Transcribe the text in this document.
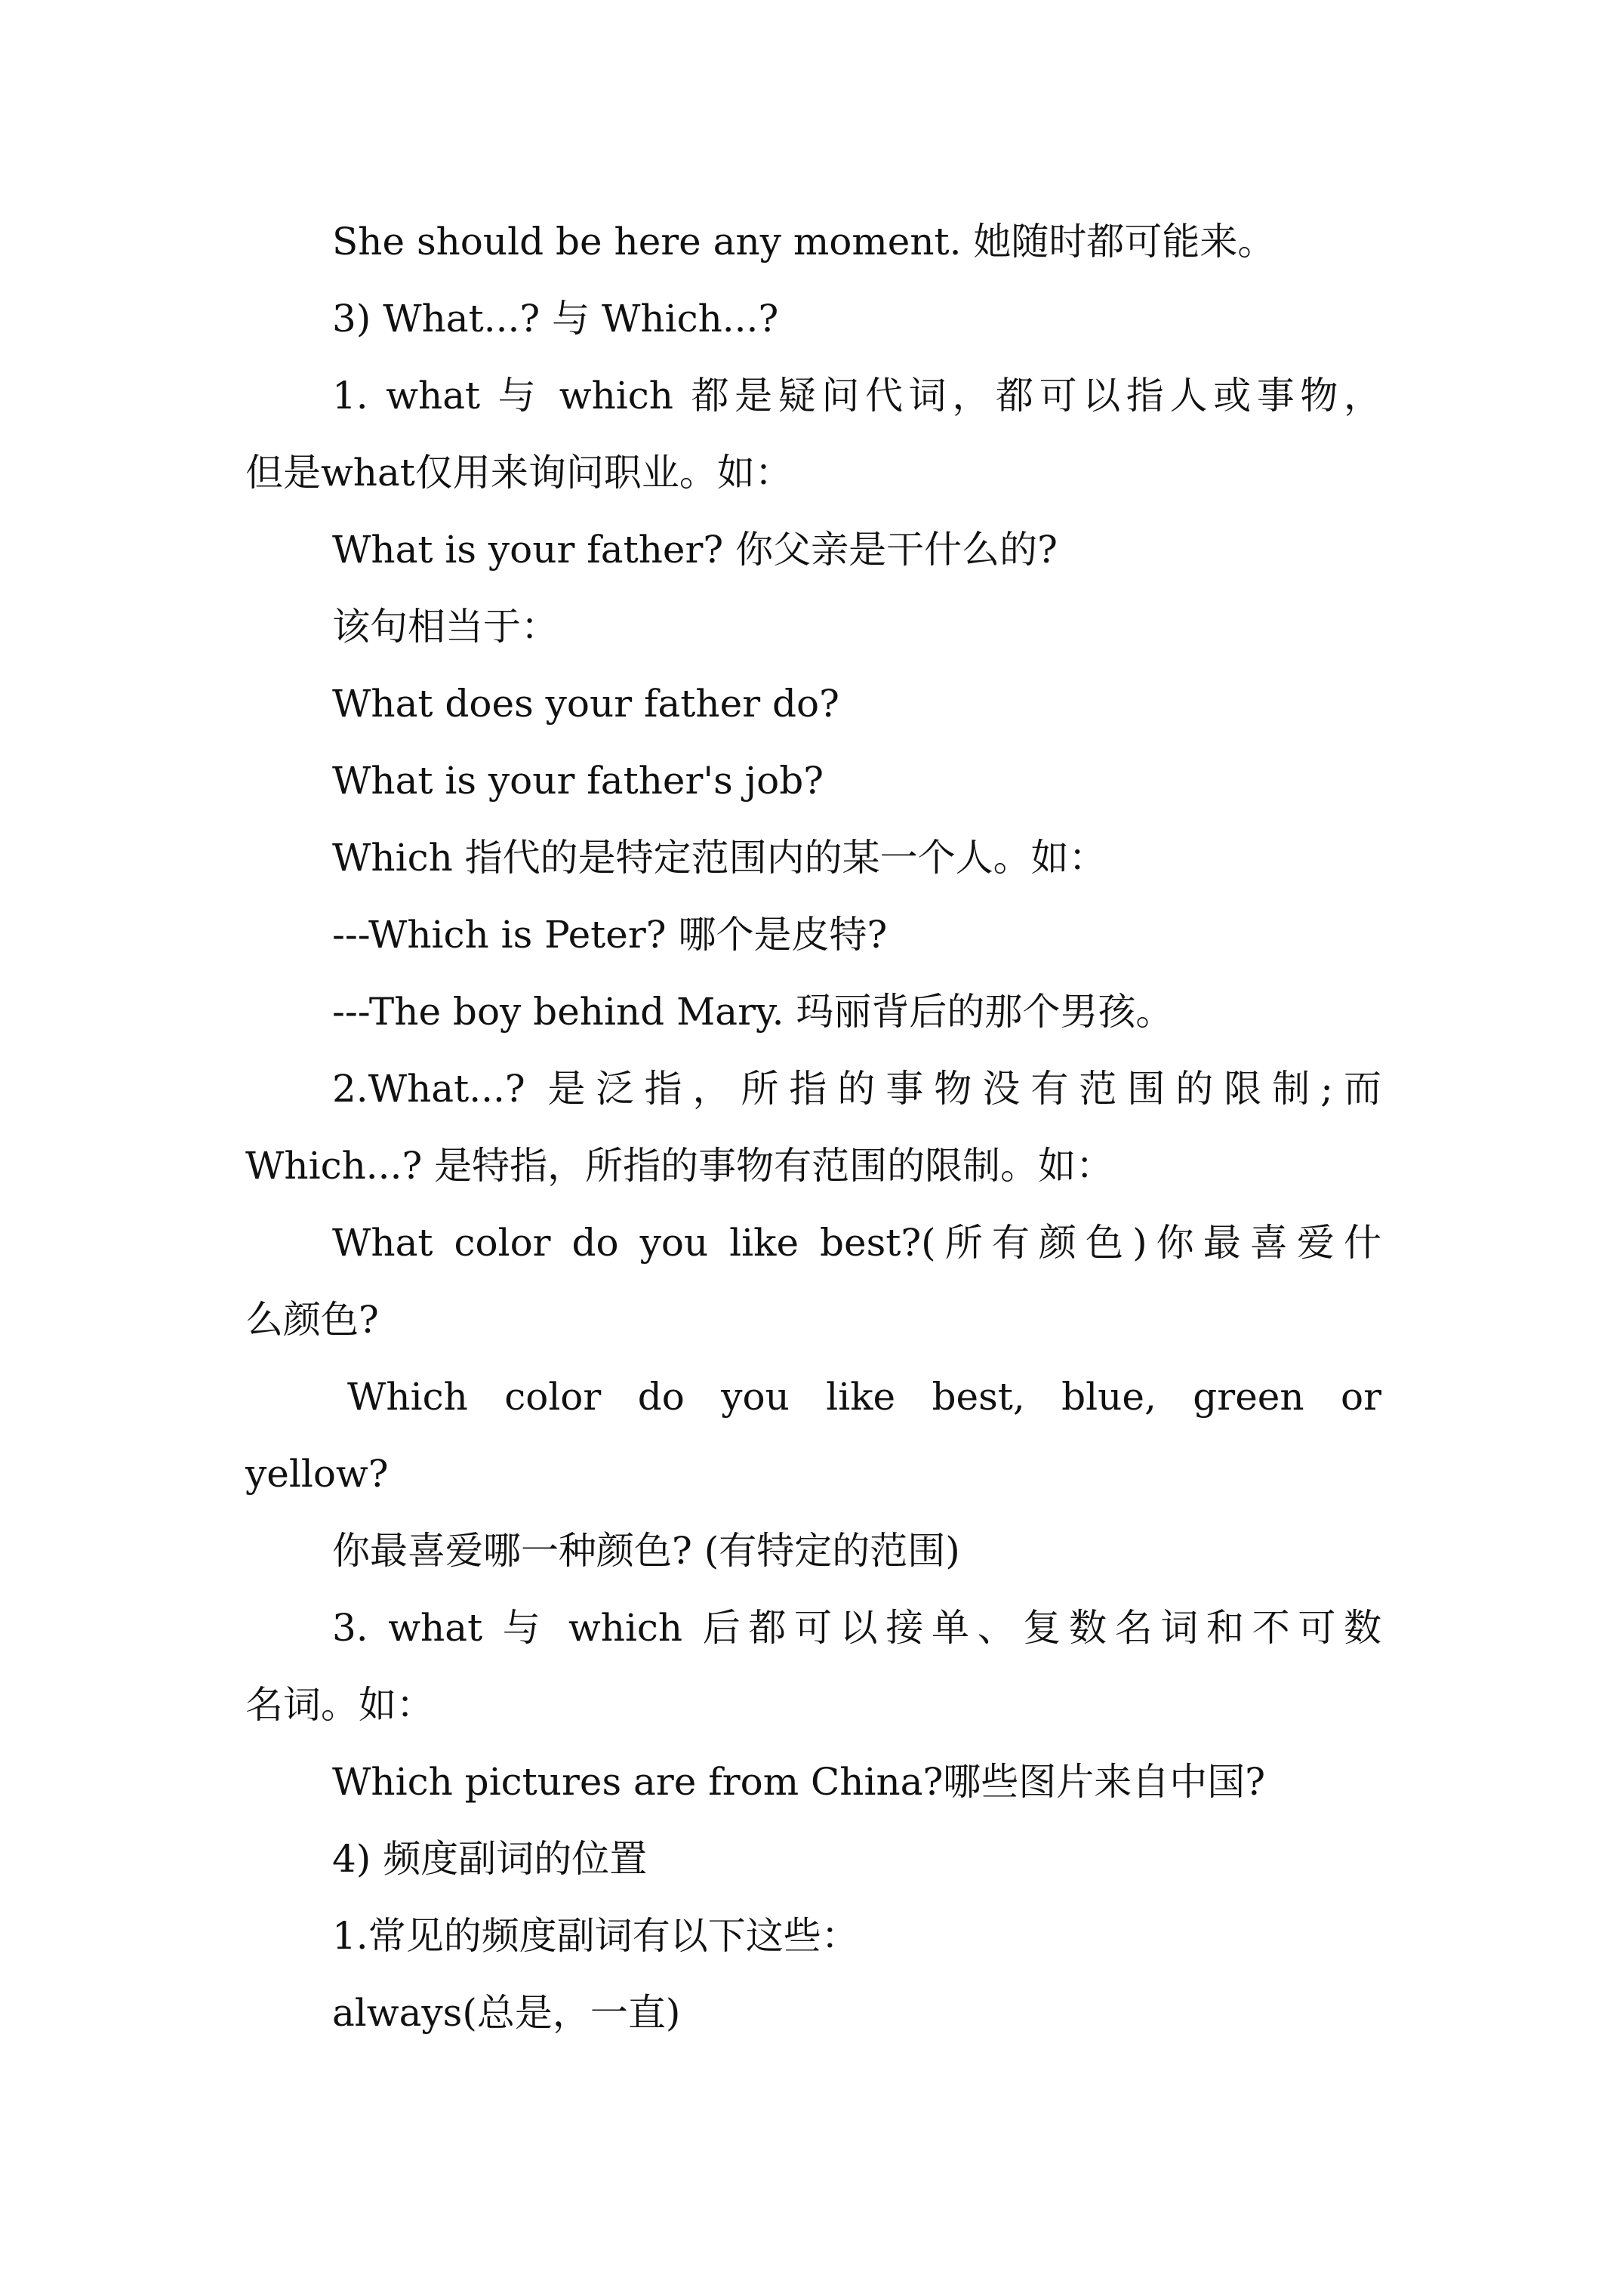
She should be here any moment. 她随时都可能来。

3) What...? 与 Which...?

1. what 与 which 都是疑问代词，都可以指人或事物，

但是what仅用来询问职业。如：

What is your father? 你父亲是干什么的?

该句相当于：

What does your father do?

What is your father's job?

Which 指代的是特定范围内的某一个人。如：

---Which is Peter? 哪个是皮特?

---The boy behind Mary. 玛丽背后的那个男孩。

2.What...? 是泛指，所指的事物没有范围的限制;而

Which...? 是特指，所指的事物有范围的限制。如：

What color do you like best?(所有颜色)你最喜爱什

么颜色?

Which color do you like best, blue, green or

yellow?

你最喜爱哪一种颜色? (有特定的范围)

3. what 与 which 后都可以接单、复数名词和不可数

名词。如：

Which pictures are from China?哪些图片来自中国?

4) 频度副词的位置

1.常见的频度副词有以下这些：

always(总是，一直)
